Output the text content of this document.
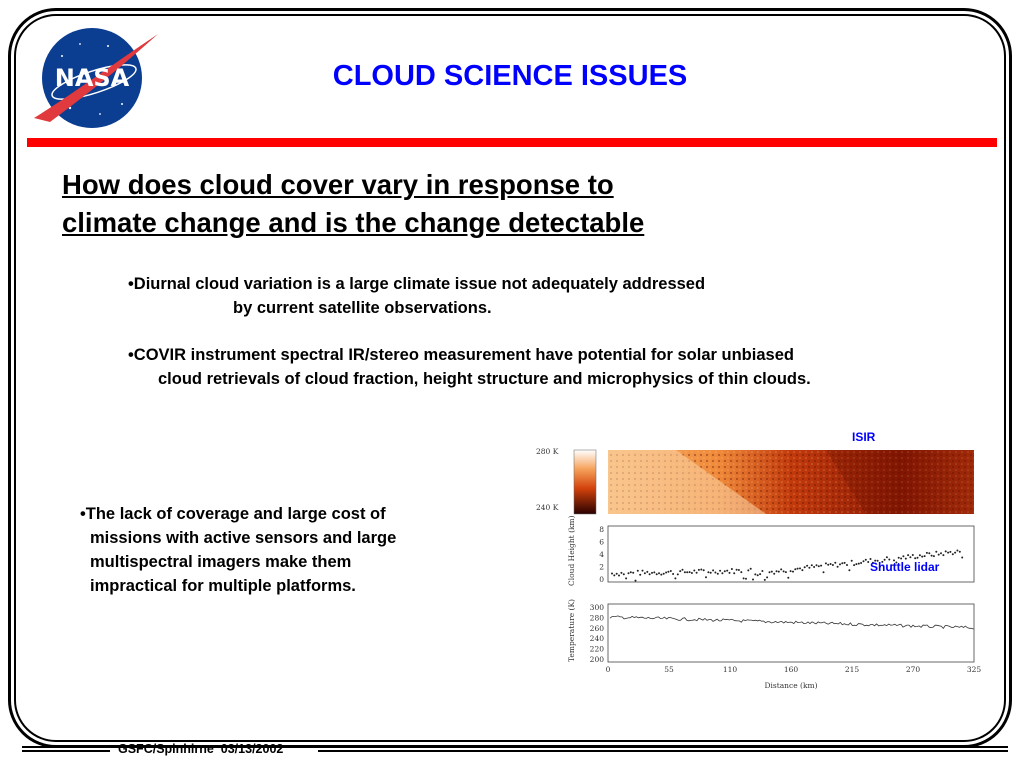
NASA	CLOUD SCIENCE ISSUES
How does cloud cover vary in response to
climate change and is the change detectable
•Diurnal cloud variation is a large climate issue not adequately addressed
by current satellite observations.
•COVIR instrument spectral IR/stereo measurement have potential for solar unbiased
cloud retrievals of cloud fraction, height structure and microphysics of thin clouds.
•The lack of coverage and large cost of
missions with active sensors and large
multispectral imagers make them
impractical for multiple platforms.
280 K
240 K
8
6
4
2
0
Cloud Height (km)
300
280
260
240
220
200
Temperature (K)
0	55	110	160	215	270	325
Distance (km)
ISIR
Shuttle lidar
GSFC/Spinhirne  03/13/2002
